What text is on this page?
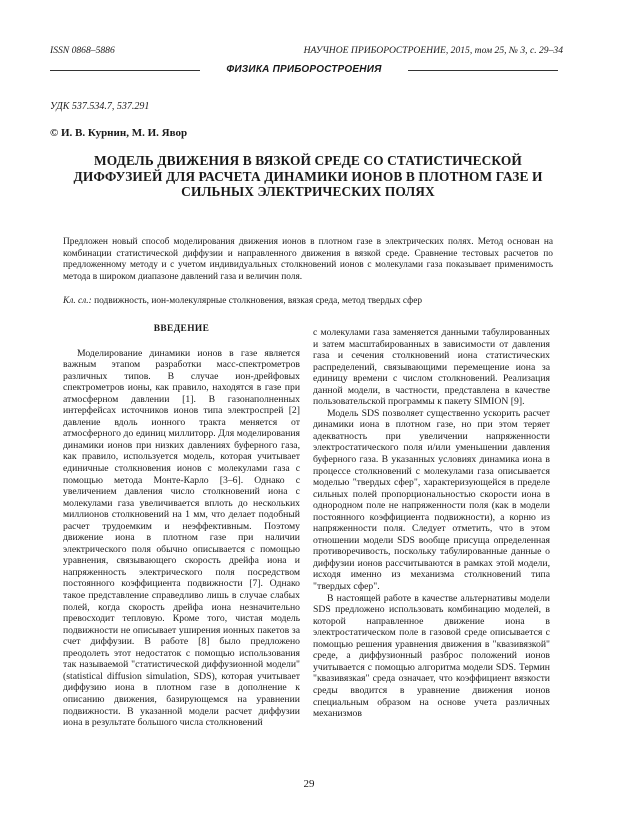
ISSN 0868–5886	НАУЧНОЕ ПРИБОРОСТРОЕНИЕ, 2015, том 25, № 3, с. 29–34
ФИЗИКА ПРИБОРОСТРОЕНИЯ
УДК 537.534.7, 537.291
© И. В. Курнин, М. И. Явор
МОДЕЛЬ ДВИЖЕНИЯ В ВЯЗКОЙ СРЕДЕ СО СТАТИСТИЧЕСКОЙ ДИФФУЗИЕЙ ДЛЯ РАСЧЕТА ДИНАМИКИ ИОНОВ В ПЛОТНОМ ГАЗЕ И СИЛЬНЫХ ЭЛЕКТРИЧЕСКИХ ПОЛЯХ
Предложен новый способ моделирования движения ионов в плотном газе в электрических полях. Метод основан на комбинации статистической диффузии и направленного движения в вязкой среде. Сравнение тестовых расчетов по предложенному методу и с учетом индивидуальных столкновений ионов с молекулами газа показывает применимость метода в широком диапазоне давлений газа и величин поля.
Кл. сл.: подвижность, ион-молекулярные столкновения, вязкая среда, метод твердых сфер
ВВЕДЕНИЕ

Моделирование динамики ионов в газе является важным этапом разработки масс-спектрометров различных типов. В случае ион-дрейфовых спектрометров ионы, как правило, находятся в газе при атмосферном давлении [1]. В газонаполненных интерфейсах источников ионов типа электроспрей [2] давление вдоль ионного тракта меняется от атмосферного до единиц миллиторр. Для моделирования динамики ионов при низких давлениях буферного газа, как правило, используется модель, которая учитывает единичные столкновения ионов с молекулами газа с помощью метода Монте-Карло [3–6]. Однако с увеличением давления число столкновений иона с молекулами газа увеличивается вплоть до нескольких миллионов столкновений на 1 мм, что делает подобный расчет трудоемким и неэффективным. Поэтому движение иона в плотном газе при наличии электрического поля обычно описывается с помощью уравнения, связывающего скорость дрейфа иона и напряженность электрического поля посредством постоянного коэффициента подвижности [7]. Однако такое представление справедливо лишь в случае слабых полей, когда скорость дрейфа иона незначительно превосходит тепловую. Кроме того, чистая модель подвижности не описывает уширения ионных пакетов за счет диффузии. В работе [8] было предложено преодолеть этот недостаток с помощью использования так называемой "статистической диффузионной модели" (statistical diffusion simulation, SDS), которая учитывает диффузию иона в плотном газе в дополнение к описанию движения, базирующемся на уравнении подвижности. В указанной модели расчет диффузии иона в результате большого числа столкновений

с молекулами газа заменяется данными табулированных и затем масштабированных в зависимости от давления газа и сечения столкновений иона статистических распределений, связывающими перемещение иона за единицу времени с числом столкновений. Реализация данной модели, в частности, представлена в качестве пользовательской программы к пакету SIMION [9].

Модель SDS позволяет существенно ускорить расчет динамики иона в плотном газе, но при этом теряет адекватность при увеличении напряженности электростатического поля и/или уменьшении давления буферного газа. В указанных условиях динамика иона в процессе столкновений с молекулами газа описывается моделью "твердых сфер", характеризующейся в пределе сильных полей пропорциональностью скорости иона в однородном поле не напряженности поля (как в модели постоянного коэффициента подвижности), а корню из напряженности поля. Следует отметить, что в этом отношении модели SDS вообще присуща определенная противоречивость, поскольку табулированные данные о диффузии ионов рассчитываются в рамках этой модели, исходя именно из механизма столкновений типа "твердых сфер".

В настоящей работе в качестве альтернативы модели SDS предложено использовать комбинацию моделей, в которой направленное движение иона в электростатическом поле в газовой среде описывается с помощью решения уравнения движения в "квазивязкой" среде, а диффузионный разброс положений ионов учитывается с помощью алгоритма модели SDS. Термин "квазивязкая" среда означает, что коэффициент вязкости среды вводится в уравнение движения ионов специальным образом на основе учета различных механизмов

29
